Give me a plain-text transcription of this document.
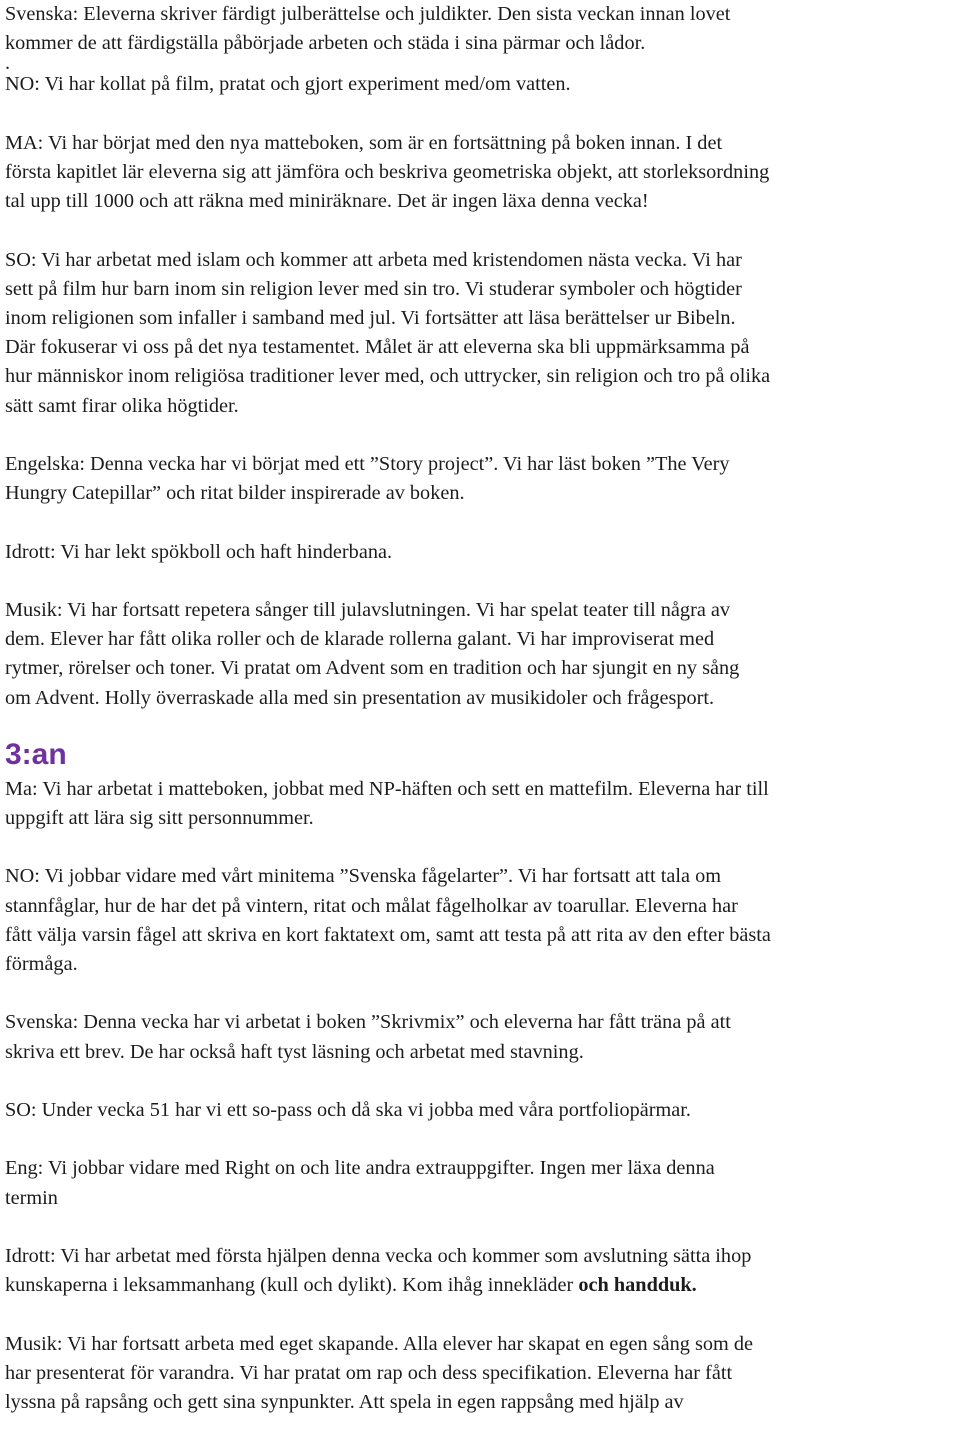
Svenska: Eleverna skriver färdigt julberättelse och juldikter. Den sista veckan innan lovet
kommer de att färdigställa påbörjade arbeten och städa i sina pärmar och lådor.
.
NO: Vi har kollat på film, pratat och gjort experiment med/om vatten.
MA: Vi har börjat med den nya matteboken, som är en fortsättning på boken innan. I det
första kapitlet lär eleverna sig att jämföra och beskriva geometriska objekt, att storleksordning
tal upp till 1000 och att räkna med miniräknare. Det är ingen läxa denna vecka!
SO: Vi har arbetat med islam och kommer att arbeta med kristendomen nästa vecka. Vi har
sett på film hur barn inom sin religion lever med sin tro. Vi studerar symboler och högtider
inom religionen som infaller i samband med jul. Vi fortsätter att läsa berättelser ur Bibeln.
Där fokuserar vi oss på det nya testamentet. Målet är att eleverna ska bli uppmärksamma på
hur människor inom religiösa traditioner lever med, och uttrycker, sin religion och tro på olika
sätt samt firar olika högtider.
Engelska: Denna vecka har vi börjat med ett ”Story project”. Vi har läst boken ”The Very
Hungry Catepillar” och ritat bilder inspirerade av boken.
Idrott: Vi har lekt spökboll och haft hinderbana.
Musik: Vi har fortsatt repetera sånger till julavslutningen. Vi har spelat teater till några av
dem. Elever har fått olika roller och de klarade rollerna galant. Vi har improviserat med
rytmer, rörelser och toner. Vi pratat om Advent som en tradition och har sjungit en ny sång
om Advent. Holly överraskade alla med sin presentation av musikidoler och frågesport.
3:an
Ma: Vi har arbetat i matteboken, jobbat med NP-häften och sett en mattefilm. Eleverna har till
uppgift att lära sig sitt personnummer.
NO: Vi jobbar vidare med vårt minitema ”Svenska fågelarter”. Vi har fortsatt att tala om
stannfåglar, hur de har det på vintern, ritat och målat fågelholkar av toarullar. Eleverna har
fått välja varsin fågel att skriva en kort faktatext om, samt att testa på att rita av den efter bästa
förmåga.
Svenska: Denna vecka har vi arbetat i boken ”Skrivmix” och eleverna har fått träna på att
skriva ett brev. De har också haft tyst läsning och arbetat med stavning.
SO: Under vecka 51 har vi ett so-pass och då ska vi jobba med våra portfoliopärmar.
Eng: Vi jobbar vidare med Right on och lite andra extrauppgifter. Ingen mer läxa denna
termin
Idrott: Vi har arbetat med första hjälpen denna vecka och kommer som avslutning sätta ihop
kunskaperna i leksammanhang (kull och dylikt). Kom ihåg innekläder och handduk.
Musik: Vi har fortsatt arbeta med eget skapande. Alla elever har skapat en egen sång som de
har presenterat för varandra. Vi har pratat om rap och dess specifikation. Eleverna har fått
lyssna på rapsång och gett sina synpunkter. Att spela in egen rappsång med hjälp av
